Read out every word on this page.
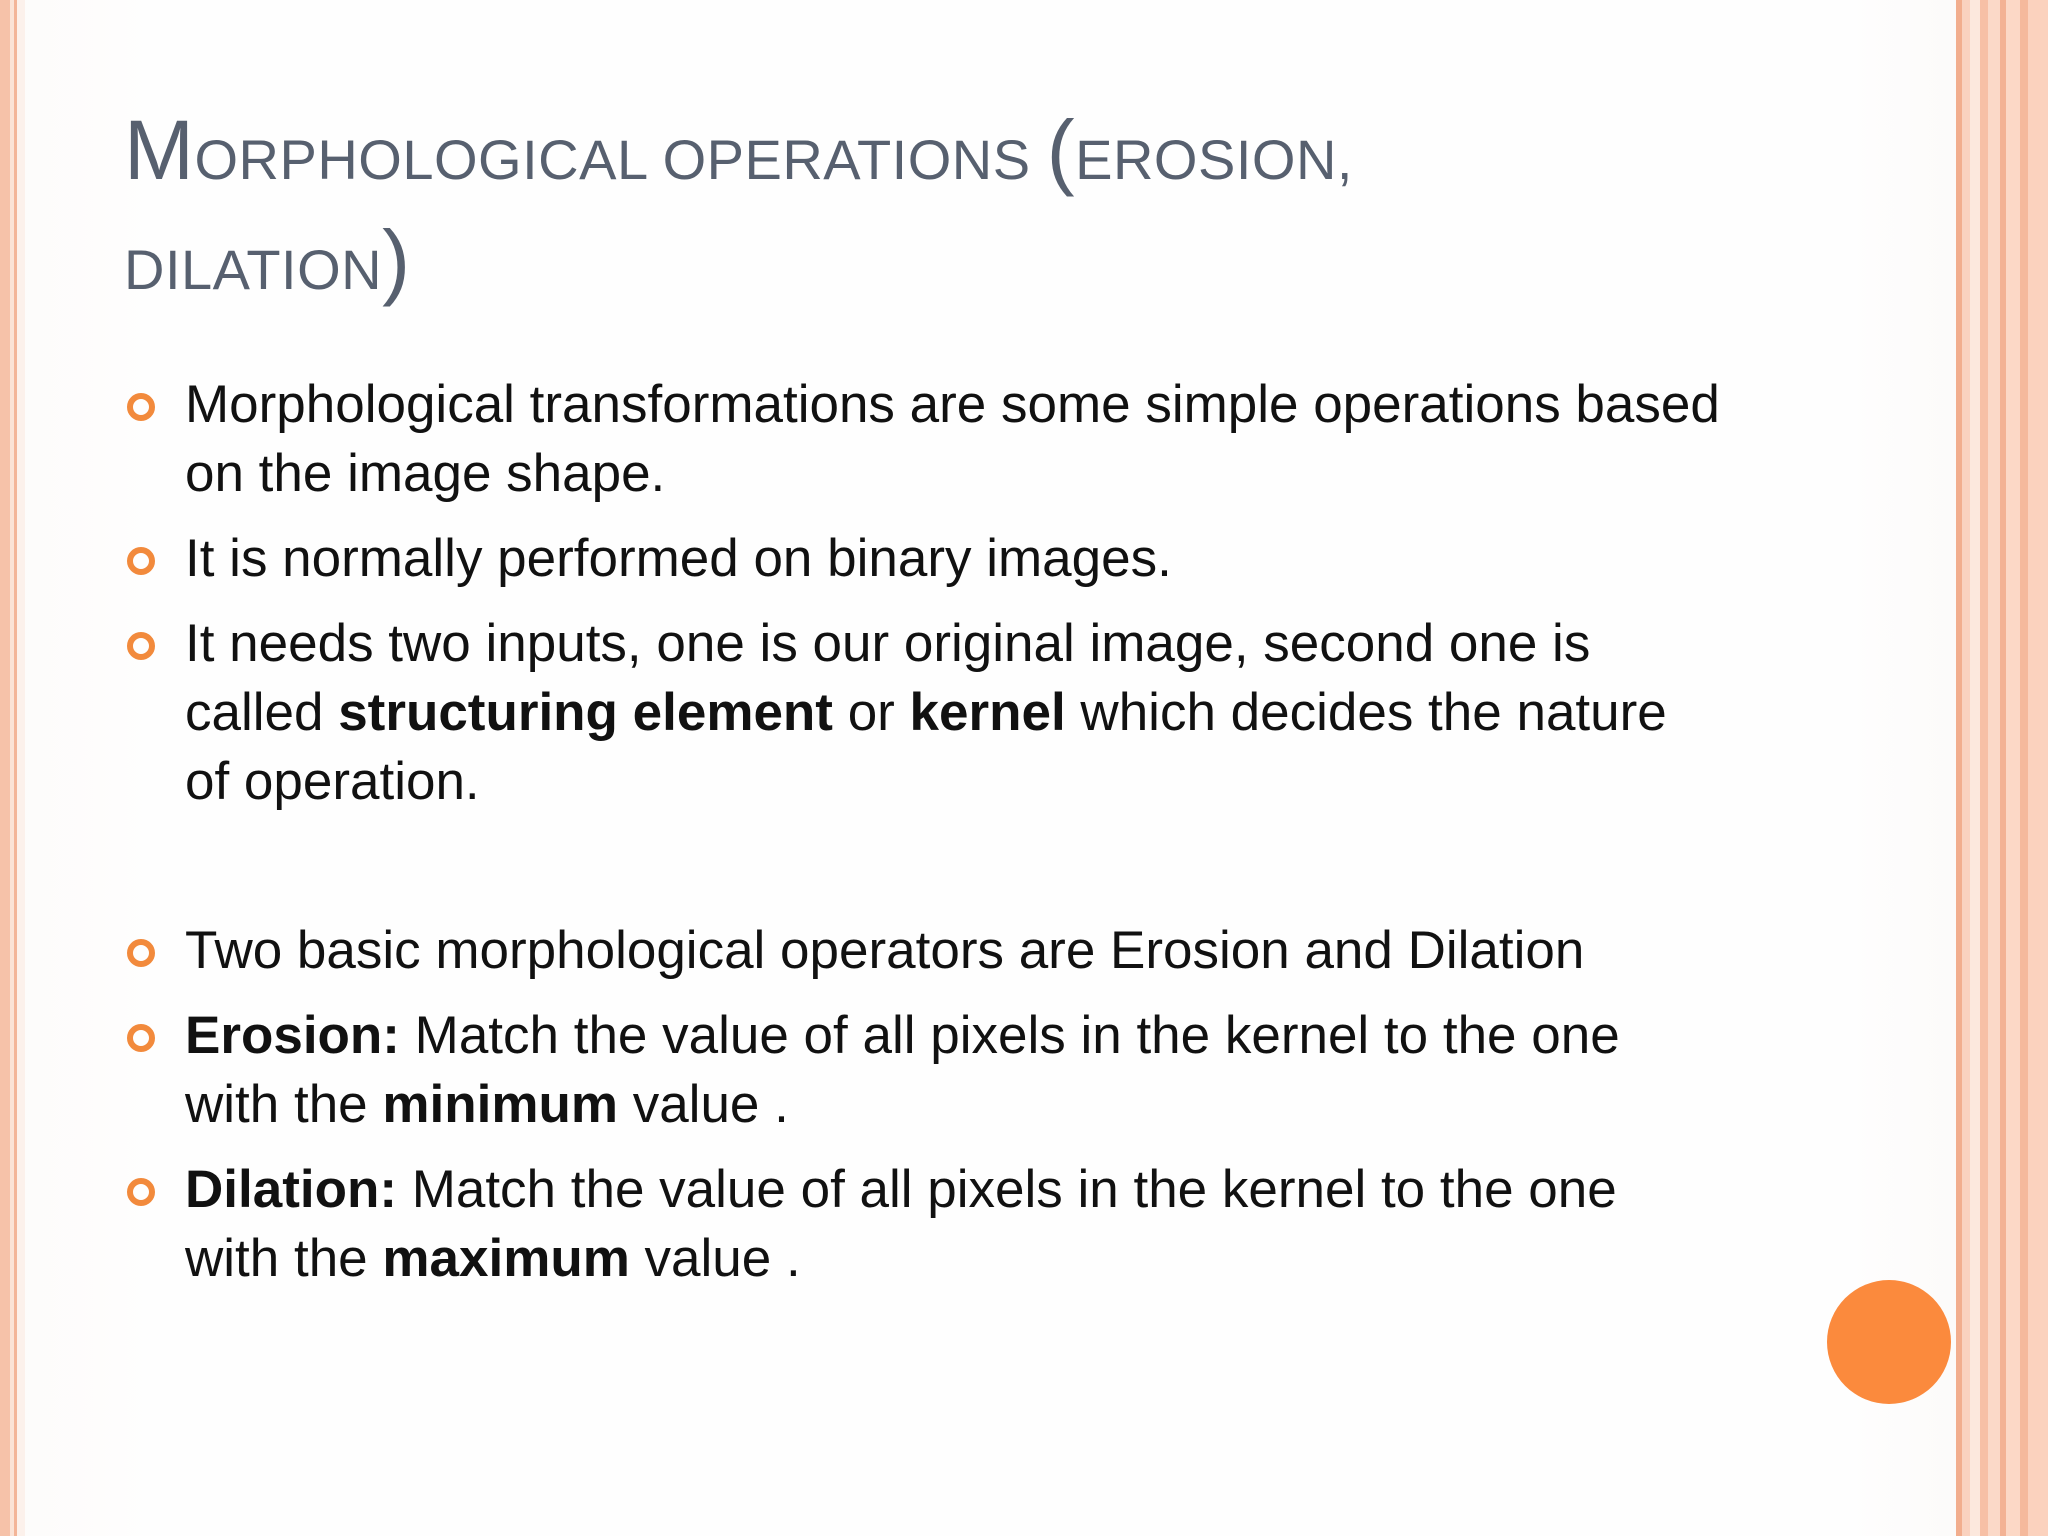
MORPHOLOGICAL OPERATIONS (EROSION,
DILATION)
Morphological transformations are some simple operations based on the image shape.
It is normally performed on binary images.
It needs two inputs, one is our original image, second one is called structuring element or kernel which decides the nature of operation.
Two basic morphological operators are Erosion and Dilation
Erosion: Match the value of all pixels in the kernel to the one with the minimum value .
Dilation: Match the value of all pixels in the kernel to the one with the maximum value .
